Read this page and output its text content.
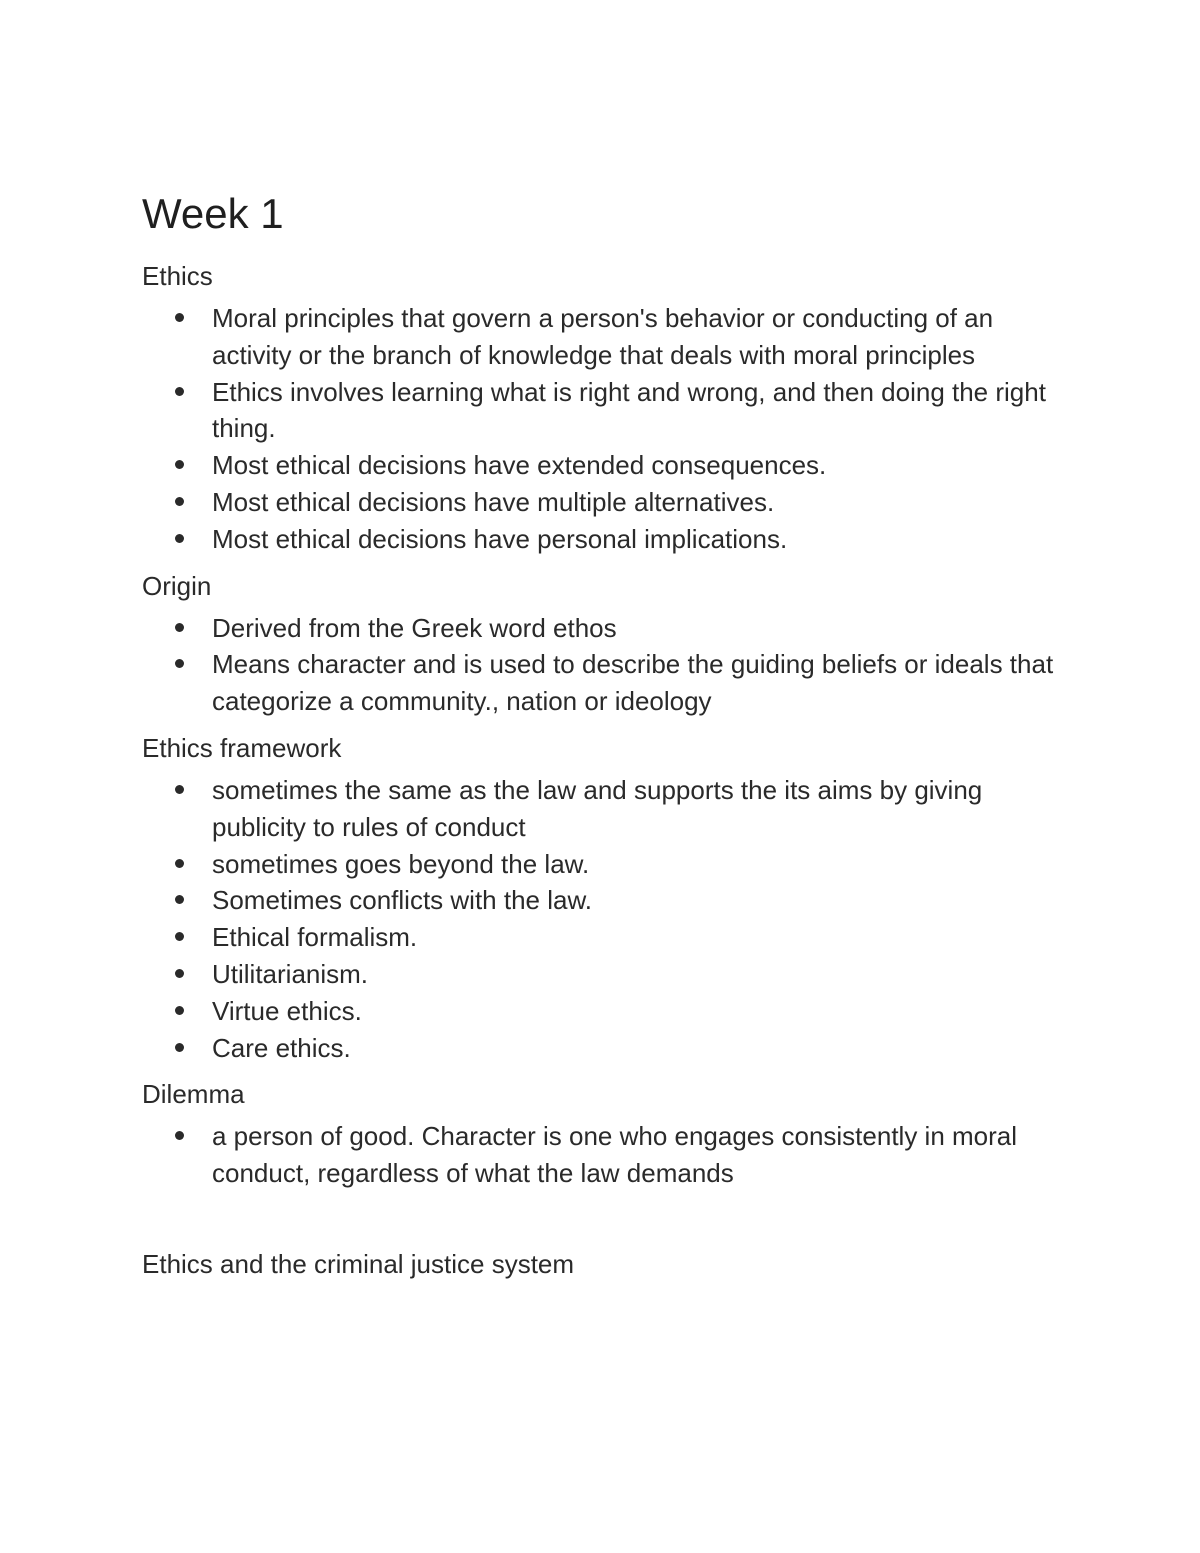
Week 1
Ethics
Moral principles that govern a person's behavior or conducting of an activity or the branch of knowledge that deals with moral principles
Ethics involves learning what is right and wrong, and then doing the right thing.
Most ethical decisions have extended consequences.
Most ethical decisions have multiple alternatives.
Most ethical decisions have personal implications.
Origin
Derived from the Greek word ethos
Means character and is used to describe the guiding beliefs or ideals that categorize a community., nation or ideology
Ethics framework
sometimes the same as the law and supports the its aims by giving publicity to rules of conduct
sometimes goes beyond the law.
Sometimes conflicts with the law.
Ethical formalism.
Utilitarianism.
Virtue ethics.
Care ethics.
Dilemma
a person of good. Character is one who engages consistently in moral conduct, regardless of what the law demands
Ethics and the criminal justice system
